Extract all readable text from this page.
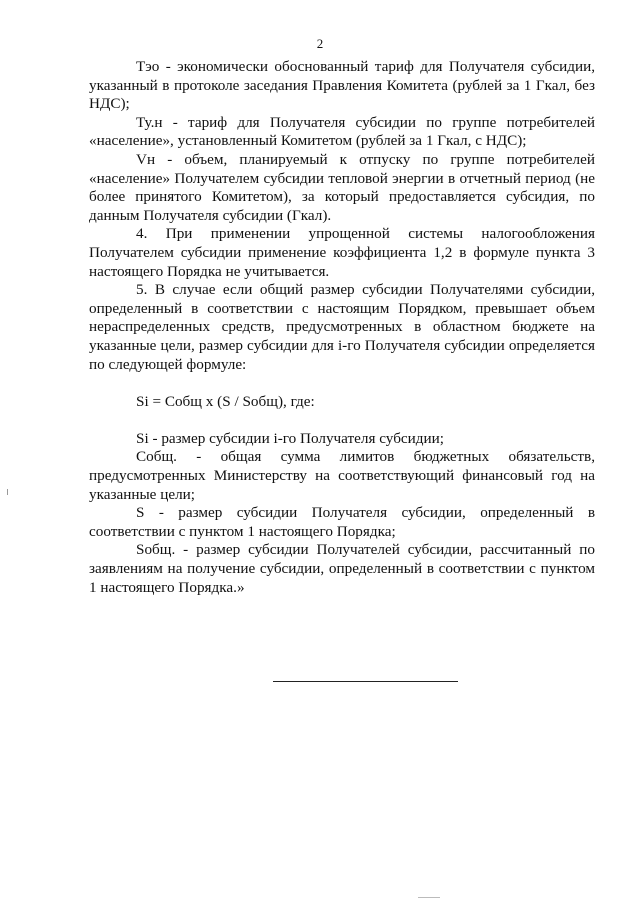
2

Тэо - экономически обоснованный тариф для Получателя субсидии, указанный в протоколе заседания Правления Комитета (рублей за 1 Гкал, без НДС);

Ту.н - тариф для Получателя субсидии по группе потребителей «население», установленный Комитетом (рублей за 1 Гкал, с НДС);

Vн - объем, планируемый к отпуску по группе потребителей «население» Получателем субсидии тепловой энергии в отчетный период (не более принятого Комитетом), за который предоставляется субсидия, по данным Получателя субсидии (Гкал).

4. При применении упрощенной системы налогообложения Получателем субсидии применение коэффициента 1,2 в формуле пункта 3 настоящего Порядка не учитывается.

5. В случае если общий размер субсидии Получателями субсидии, определенный в соответствии с настоящим Порядком, превышает объем нераспределенных средств, предусмотренных в областном бюджете на указанные цели, размер субсидии для i-го Получателя субсидии определяется по следующей формуле:

Si = Собщ x (S / Sобщ), где:

Si - размер субсидии i-го Получателя субсидии;

Собщ. - общая сумма лимитов бюджетных обязательств, предусмотренных Министерству на соответствующий финансовый год на указанные цели;

S - размер субсидии Получателя субсидии, определенный в соответствии с пунктом 1 настоящего Порядка;

Sобщ. - размер субсидии Получателей субсидии, рассчитанный по заявлениям на получение субсидии, определенный в соответствии с пунктом 1 настоящего Порядка.»
